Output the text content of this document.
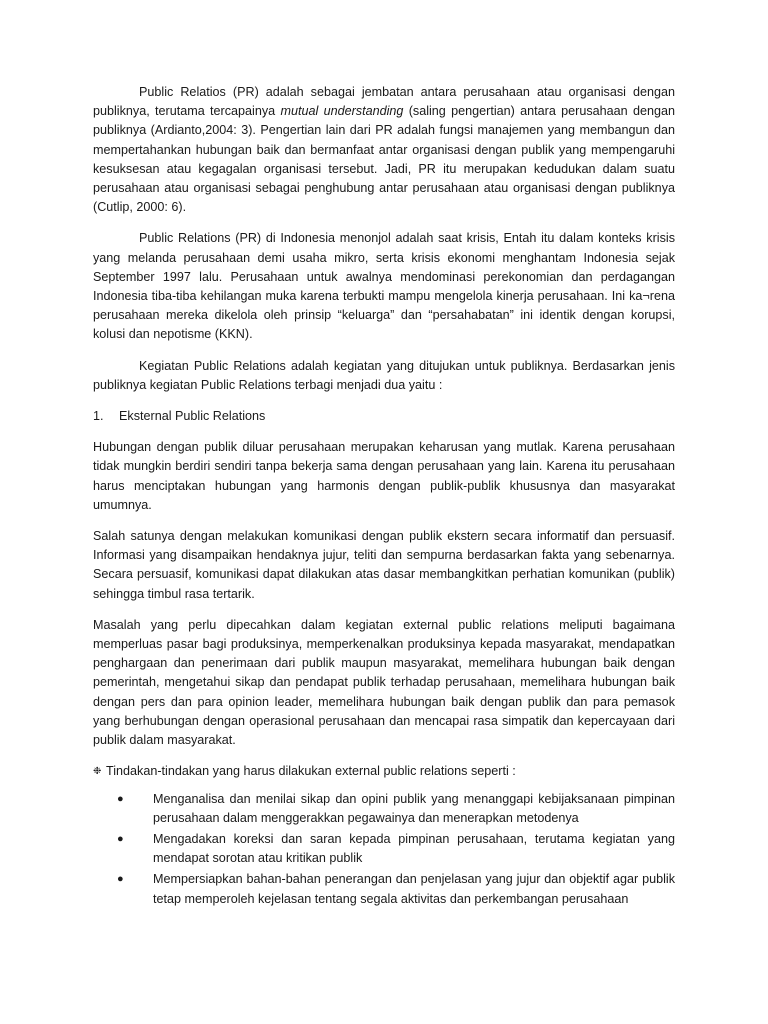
Public Relatios (PR) adalah sebagai jembatan antara perusahaan atau organisasi dengan publiknya, terutama tercapainya mutual understanding (saling pengertian) antara perusahaan dengan publiknya (Ardianto,2004: 3). Pengertian lain dari PR adalah fungsi manajemen yang membangun dan mempertahankan hubungan baik dan bermanfaat antar organisasi dengan publik yang mempengaruhi kesuksesan atau kegagalan organisasi tersebut. Jadi, PR itu merupakan kedudukan dalam suatu perusahaan atau organisasi sebagai penghubung antar perusahaan atau organisasi dengan publiknya (Cutlip, 2000: 6).

Public Relations (PR) di Indonesia menonjol adalah saat krisis, Entah itu dalam konteks krisis yang melanda perusahaan demi usaha mikro, serta krisis ekonomi menghantam Indonesia sejak September 1997 lalu. Perusahaan untuk awalnya mendominasi perekonomian dan perdagangan Indonesia tiba-tiba kehilangan muka karena terbukti mampu mengelola kinerja perusahaan. Ini ka¬rena perusahaan mereka dikelola oleh prinsip “keluarga” dan “persahabatan” ini identik dengan korupsi, kolusi dan nepotisme (KKN).

Kegiatan Public Relations adalah kegiatan yang ditujukan untuk publiknya. Berdasarkan jenis publiknya kegiatan Public Relations terbagi menjadi dua yaitu :

1.	Eksternal Public Relations

Hubungan dengan publik diluar perusahaan merupakan keharusan yang mutlak. Karena perusahaan tidak mungkin berdiri sendiri tanpa bekerja sama dengan perusahaan yang lain. Karena itu perusahaan harus menciptakan hubungan yang harmonis dengan publik-publik khususnya dan masyarakat umumnya.

Salah satunya dengan melakukan komunikasi dengan publik ekstern secara informatif dan persuasif. Informasi yang disampaikan hendaknya jujur, teliti dan sempurna berdasarkan fakta yang sebenarnya. Secara persuasif, komunikasi dapat dilakukan atas dasar membangkitkan perhatian komunikan (publik) sehingga timbul rasa tertarik.

Masalah yang perlu dipecahkan dalam kegiatan external public relations meliputi bagaimana memperluas pasar bagi produksinya, memperkenalkan produksinya kepada masyarakat, mendapatkan penghargaan dan penerimaan dari publik maupun masyarakat, memelihara hubungan baik dengan pemerintah, mengetahui sikap dan pendapat publik terhadap perusahaan, memelihara hubungan baik dengan pers dan para opinion leader, memelihara hubungan baik dengan publik dan para pemasok yang berhubungan dengan operasional perusahaan dan mencapai rasa simpatik dan kepercayaan dari publik dalam masyarakat.

❉ Tindakan-tindakan yang harus dilakukan external public relations seperti :
●	Menganalisa dan menilai sikap dan opini publik yang menanggapi kebijaksanaan pimpinan perusahaan dalam menggerakkan pegawainya dan menerapkan metodenya
●	Mengadakan koreksi dan saran kepada pimpinan perusahaan, terutama kegiatan yang mendapat sorotan atau kritikan publik
●	Mempersiapkan bahan-bahan penerangan dan penjelasan yang jujur dan objektif agar publik tetap memperoleh kejelasan tentang segala aktivitas dan perkembangan perusahaan
